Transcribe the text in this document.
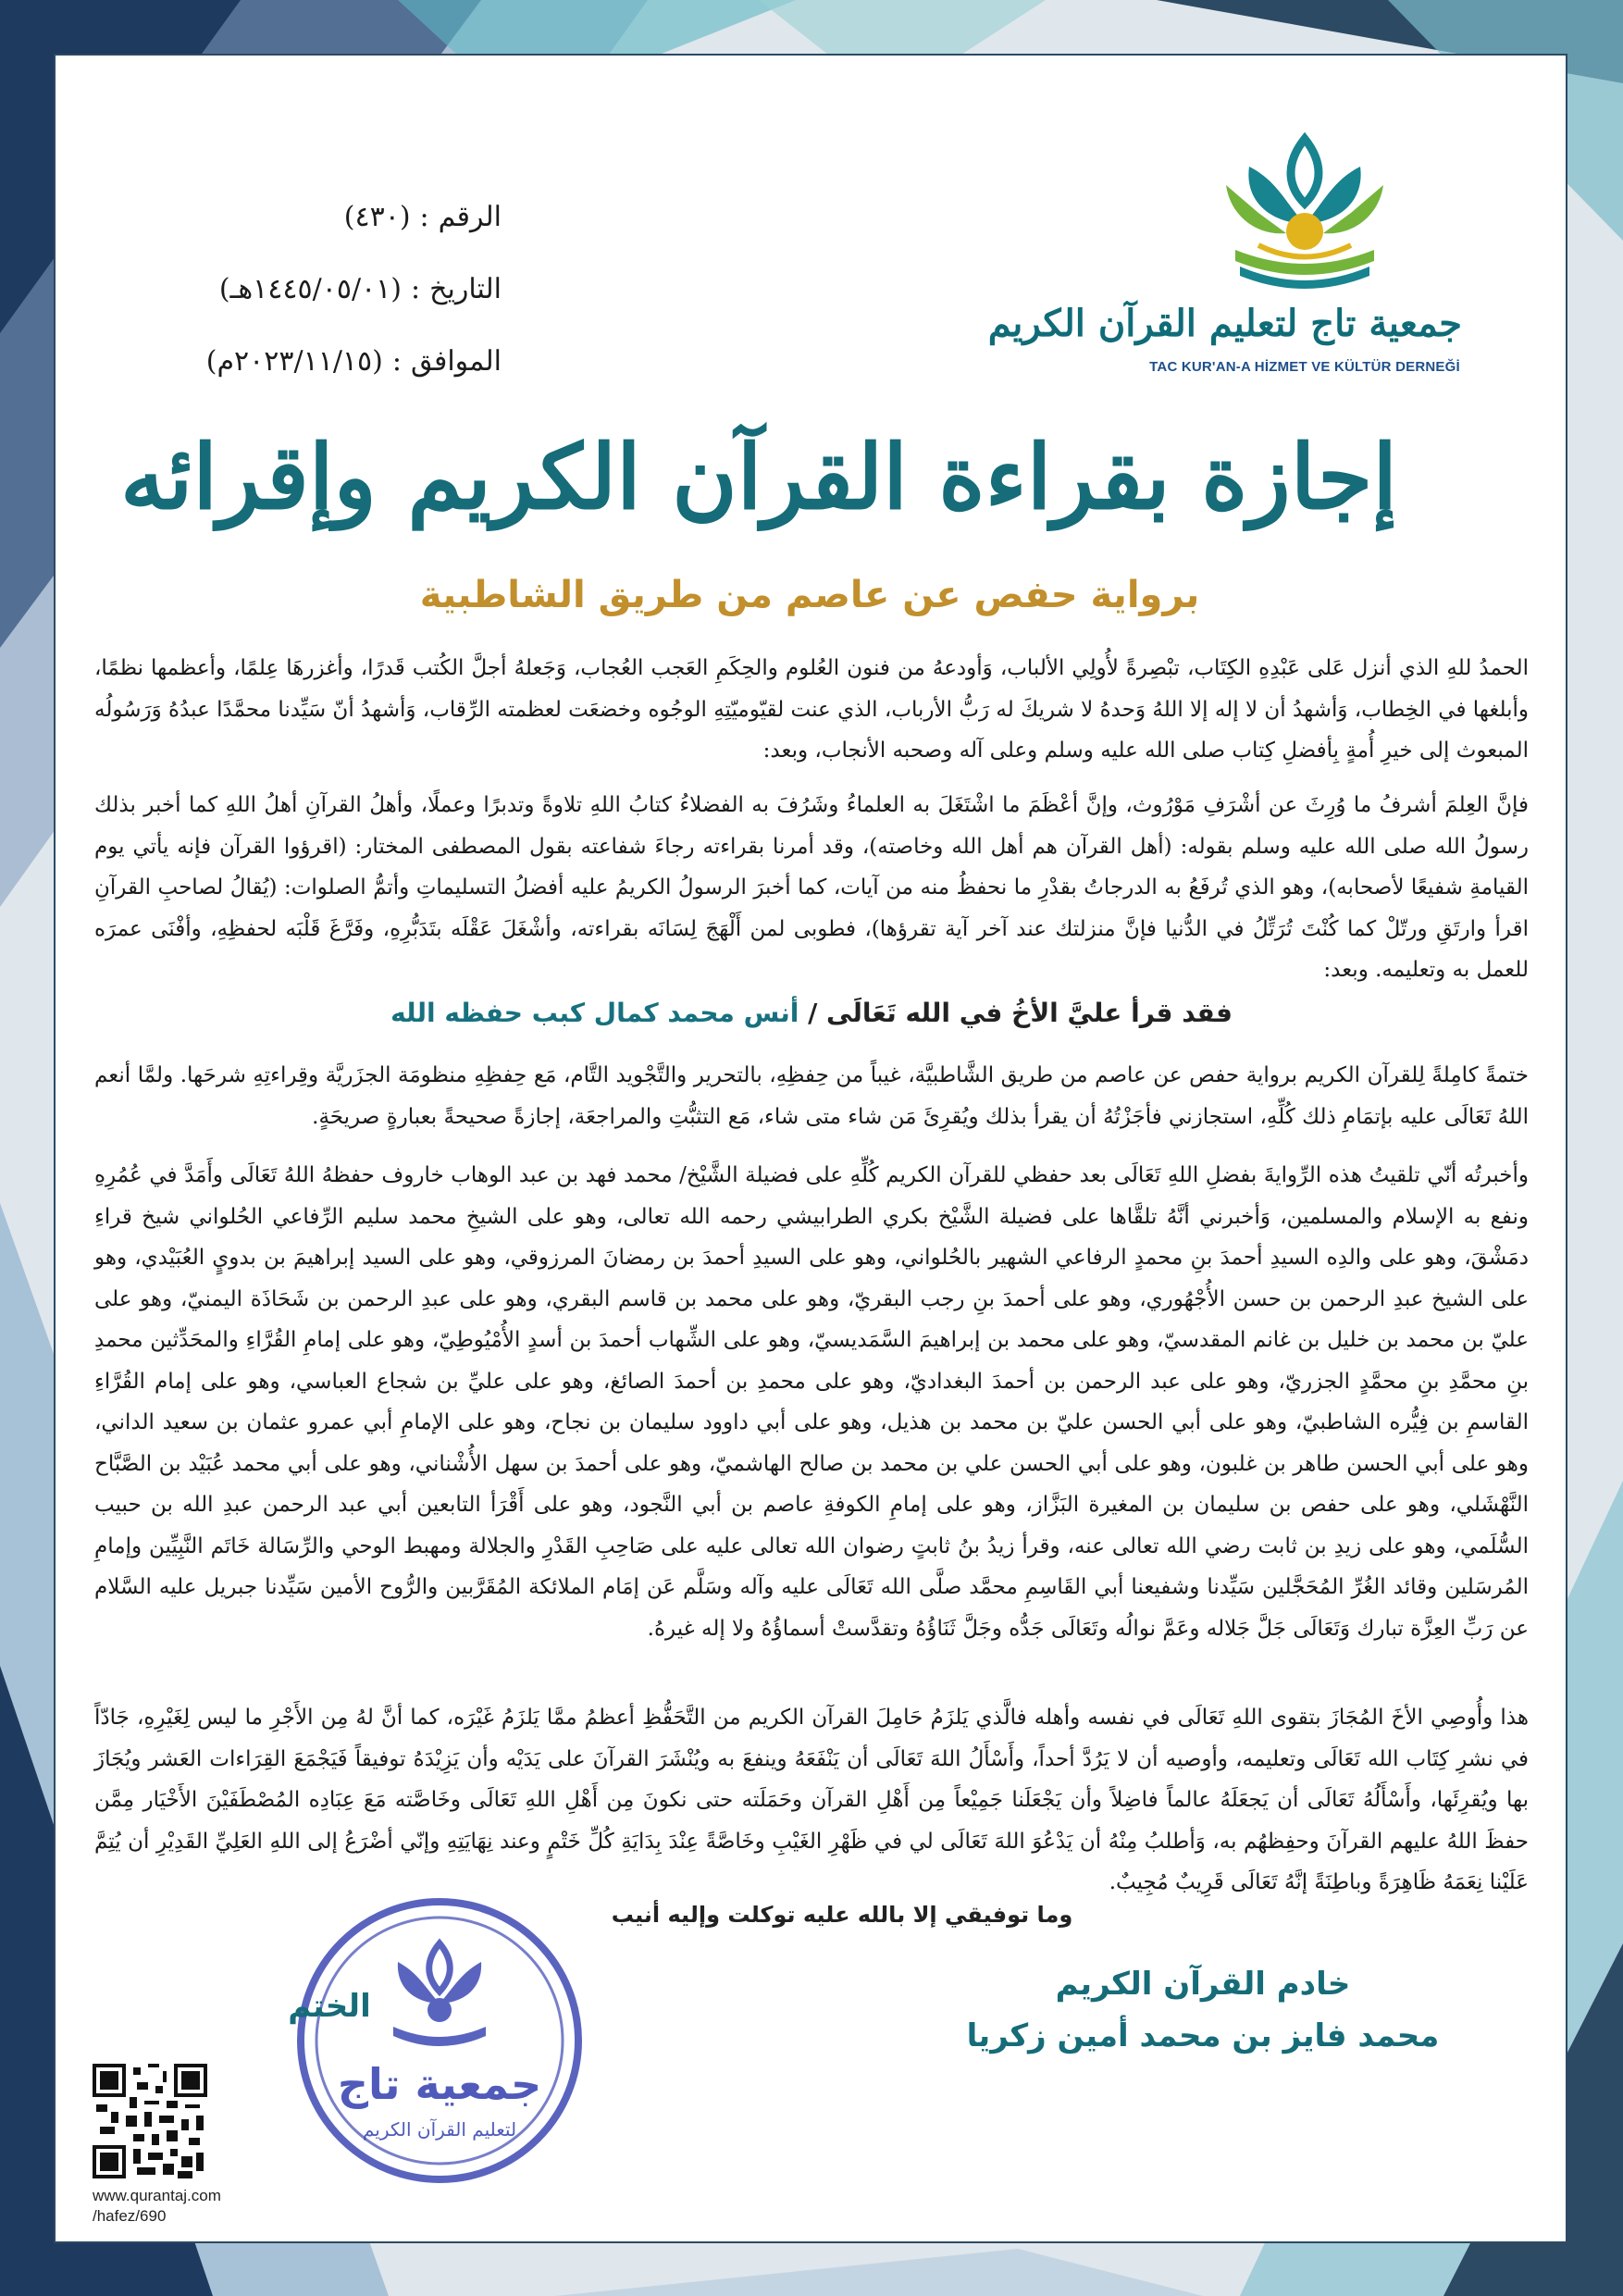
الرقم
:
(٤٣٠)
التاريخ
:
(١٤٤٥/٠٥/٠١هـ)
الموافق
:
(٢٠٢٣/١١/١٥م)
جمعية تاج لتعليم القرآن الكريم
TAC KUR'AN-A HİZMET VE KÜLTÜR DERNEĞİ
إجازة بقراءة القرآن الكريم وإقرائه
برواية حفص عن عاصم من طريق الشاطبية

الحمدُ للهِ الذي أنزل عَلى عَبْدِهِ الكِتَاب، تبْصِرةً لأُولِي الألباب، وَأودعهُ من فنون العُلوم والحِكَمِ العَجب العُجاب، وَجَعلهُ أجلَّ الكُتب قَدرًا، وأغزرهَا عِلمًا، وأعظمها نظمًا، وأبلغها في الخِطاب، وَأشهدُ أن لا إله إلا اللهُ وَحدهُ لا شريكَ له رَبُّ الأرباب، الذي عنت لقيّوميّتِهِ الوجُوه وخضعَت لعظمته الرِّقاب، وَأشهدُ أنّ سَيِّدنا محمَّدًا عبدُهُ وَرَسُولُه المبعوث إلى خيرِ أُمةٍ بِأفضلِ كِتاب صلى الله عليه وسلم وعلى آله وصحبه الأنجاب، وبعد:

فإنَّ العِلمَ أشرفُ ما وُرِثَ عن أشْرَفِ مَوْرُوث، وإنَّ أعْظَمَ ما اشْتَغَلَ به العلماءُ وشَرُفَ به الفضلاءُ كتابُ اللهِ تلاوةً وتدبرًا وعملًا، وأهلُ القرآنِ أهلُ اللهِ كما أخبر بذلك رسولُ الله صلى الله عليه وسلم بقوله: (أهل القرآن هم أهل الله وخاصته)، وقد أمرنا بقراءته رجاءَ شفاعته بقول المصطفى المختار: (اقرؤوا القرآن فإنه يأتي يوم القيامةِ شفيعًا لأصحابه)، وهو الذي تُرفَعُ به الدرجاتُ بقدْرِ ما نحفظُ منه من آيات، كما أخبرَ الرسولُ الكريمُ عليه أفضلُ التسليماتِ وأتمُّ الصلوات: (يُقالُ لصاحبِ القرآنِ اقرأ وارتَقِ ورتّلْ كما كُنْتَ تُرَتِّلُ في الدُّنيا فإنَّ منزلتك عند آخر آية تقرؤها)، فطوبى لمن أَلْهَجَ لِسَانَه بقراءته، وأشْغَلَ عَقْلَه بتَدَبُّرِهِ، وفَرَّغَ قَلْبَه لحفظِهِ، وأفْنَى عمرَه للعمل به وتعليمه. وبعد:

فقد قرأ عليَّ الأخُ في الله تَعَالَى / أنس محمد كمال كبب حفظه الله

ختمةً كامِلةً لِلقرآن الكريم برواية حفص عن عاصم من طريق الشَّاطبيَّة، غيباً من حِفظِهِ، بالتحرير والتَّجْويد التَّام، مَع حِفظِهِ منظومَة الجزَريَّة وقِراءتِهِ شرحَها. ولمَّا أنعم اللهُ تَعَالَى عليه بإتمَامِ ذلك كُلِّهِ، استجازني فأجَزْتُهُ أن يقرأ بذلك ويُقرِئَ مَن شاء متى شاء، مَع التثبُّتِ والمراجعَة، إجازةً صحيحةً بعبارةٍ صريحَةٍ.

وأخبرتُه أنّي تلقيتُ هذه الرِّوايةَ بفضلِ اللهِ تَعَالَى بعد حفظي للقرآن الكريم كُلِّهِ على فضيلة الشَّيْخ/ محمد فهد بن عبد الوهاب خاروف حفظهُ اللهُ تَعَالَى وأَمَدَّ في عُمُرِهِ ونفع به الإسلام والمسلمين، وَأخبرني أنَّهُ تلقَّاها على فضيلة الشَّيْخ بكري الطرابيشي رحمه الله تعالى، وهو على الشيخِ محمد سليم الرِّفاعي الحُلواني شيخ قراءِ دمَشْقَ، وهو على والدِه السيدِ أحمدَ بنِ محمدٍ الرفاعي الشهير بالحُلواني، وهو على السيدِ أحمدَ بن رمضانَ المرزوقي، وهو على السيد إبراهيمَ بن بدويٍ العُبَيْدي، وهو على الشيخ عبدِ الرحمن بن حسن الأُجْهُوري، وهو على أحمدَ بنِ رجب البقريّ، وهو على محمد بن قاسم البقري، وهو على عبدِ الرحمن بن شَحَاذَة اليمنيّ، وهو على عليّ بن محمد بن خليل بن غانم المقدسيّ، وهو على محمد بن إبراهيمَ السَّمَديسيّ، وهو على الشِّهاب أحمدَ بن أسدٍ الأُمْيُوطِيّ، وهو على إمامِ القُرَّاءِ والمحَدِّثين محمدِ بنِ محمَّدِ بنِ محمَّدٍ الجزريّ، وهو على عبد الرحمن بن أحمدَ البغداديّ، وهو على محمدِ بن أحمدَ الصائغ، وهو على عليِّ بن شجاع العباسي، وهو على إمام القُرَّاءِ القاسمِ بن فِيُّره الشاطبيّ، وهو على أبي الحسن عليّ بن محمد بن هذيل، وهو على أبي داوود سليمان بن نجاح، وهو على الإمامِ أبي عمرو عثمان بن سعيد الداني، وهو على أبي الحسن طاهر بن غلبون، وهو على أبي الحسن علي بن محمد بن صالح الهاشميّ، وهو على أحمدَ بن سهل الأُشْناني، وهو على أبي محمد عُبَيْد بن الصَّبَّاح النَّهْشَلي، وهو على حفص بن سليمان بن المغيرة البَزَّاز، وهو على إمامِ الكوفةِ عاصم بن أبي النَّجود، وهو على أَقْرَأ التابعين أبي عبد الرحمن عبدِ الله بن حبيب السُّلَمي، وهو على زيدِ بن ثابت رضي الله تعالى عنه، وقرأ زيدُ بنُ ثابتٍ رضوان الله تعالى عليه على صَاحِبِ القَدْرِ والجلالة ومهبط الوحي والرِّسَالة خَاتَم النَّبِيِّين وإمامِ المُرسَلين وقائد الغُرِّ المُحَجَّلين سَيِّدنا وشفيعنا أبي القَاسِمِ محمَّد صلَّى الله تَعَالَى عليه وآله وسَلَّم عَن إمَام الملائكة المُقَرَّبين والرُّوح الأمين سَيِّدنا جبريل عليه السَّلام عن رَبِّ العِزَّة تبارك وَتَعَالَى جَلَّ جَلاله وعَمَّ نوالُه وتَعَالَى جَدُّه وجَلَّ ثَنَاؤُهُ وتقدَّستْ أسماؤُهُ ولا إله غيرهُ.

هذا وأُوصِي الأخَ المُجَازَ بتقوى اللهِ تَعَالَى في نفسه وأهله فالَّذي يَلزَمُ حَامِلَ القرآن الكريم من التَّحَفُّظِ أعظمُ ممَّا يَلزَمُ غَيْرَه، كما أنَّ لهُ مِن الأَجْرِ ما ليس لِغَيْرِهِ، جَادّاً في نشرِ كِتَاب الله تَعَالَى وتعليمه، وأوصيه أن لا يَرُدَّ أحداً، وأَسْأَلُ اللهَ تَعَالَى أن يَنْفَعَهُ وينفعَ به ويُنْشَرَ القرآنَ على يَدَيْه وأن يَزِيْدَهُ توفيقاً فَيَجْمَعَ القِرَاءات العَشر ويُجَازَ بها ويُقرِئَها، وأَسْأَلُهُ تَعَالَى أن يَجعَلَهُ عالماً فاضِلاً وأن يَجْعَلَنا جَمِيْعاً مِن أَهْلِ القرآن وحَمَلَته حتى نكونَ مِن أَهْلِ اللهِ تَعَالَى وخَاصَّته مَعَ عِبَادِه المُصْطَفَيْنَ الأَخْيَار مِمَّن حفظَ اللهُ عليهم القرآنَ وحفِظهُم به، وَأطلبُ مِنْهُ أن يَدْعُوَ اللهَ تَعَالَى لي في ظَهْرِ الغَيْبِ وخَاصَّةً عِنْدَ بِدَايَةِ كُلِّ خَتْمٍ وعند نِهَايَتِهِ وإنّي أضْرَعُ إلى اللهِ العَلِيِّ القَدِيْرِ أن يُتِمَّ عَلَيْنا نِعَمَهُ ظَاهِرَةً وباطِنَةً إنَّهُ تَعَالَى قَرِيبٌ مُجِيبٌ.

وما توفيقي إلا بالله عليه توكلت وإليه أنيب
خادم القرآن الكريم
محمد فايز بن محمد أمين زكريا
جمعية تاج
لتعليم القرآن الكريم
الختم
www.qurantaj.com
/hafez/690
